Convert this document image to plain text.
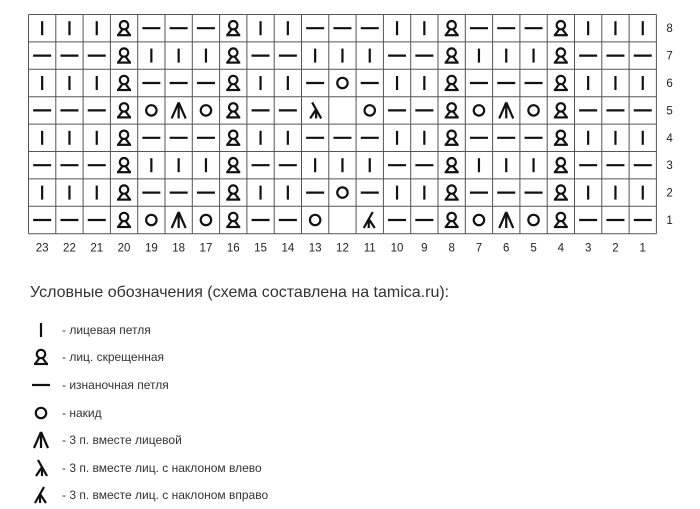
23 22 21 20 19 18 17 16 15 14 13 12 11 10 9 8 7 6 5 4 3 2 1
8
7
6
5
4
3
2
1
Условные обозначения (схема составлена на tamica.ru):
- лицевая петля
- лиц. скрещенная
- изнаночная петля
- накид
- 3 п. вместе лицевой
- 3 п. вместе лиц. с наклоном влево
- 3 п. вместе лиц. с наклоном вправо
